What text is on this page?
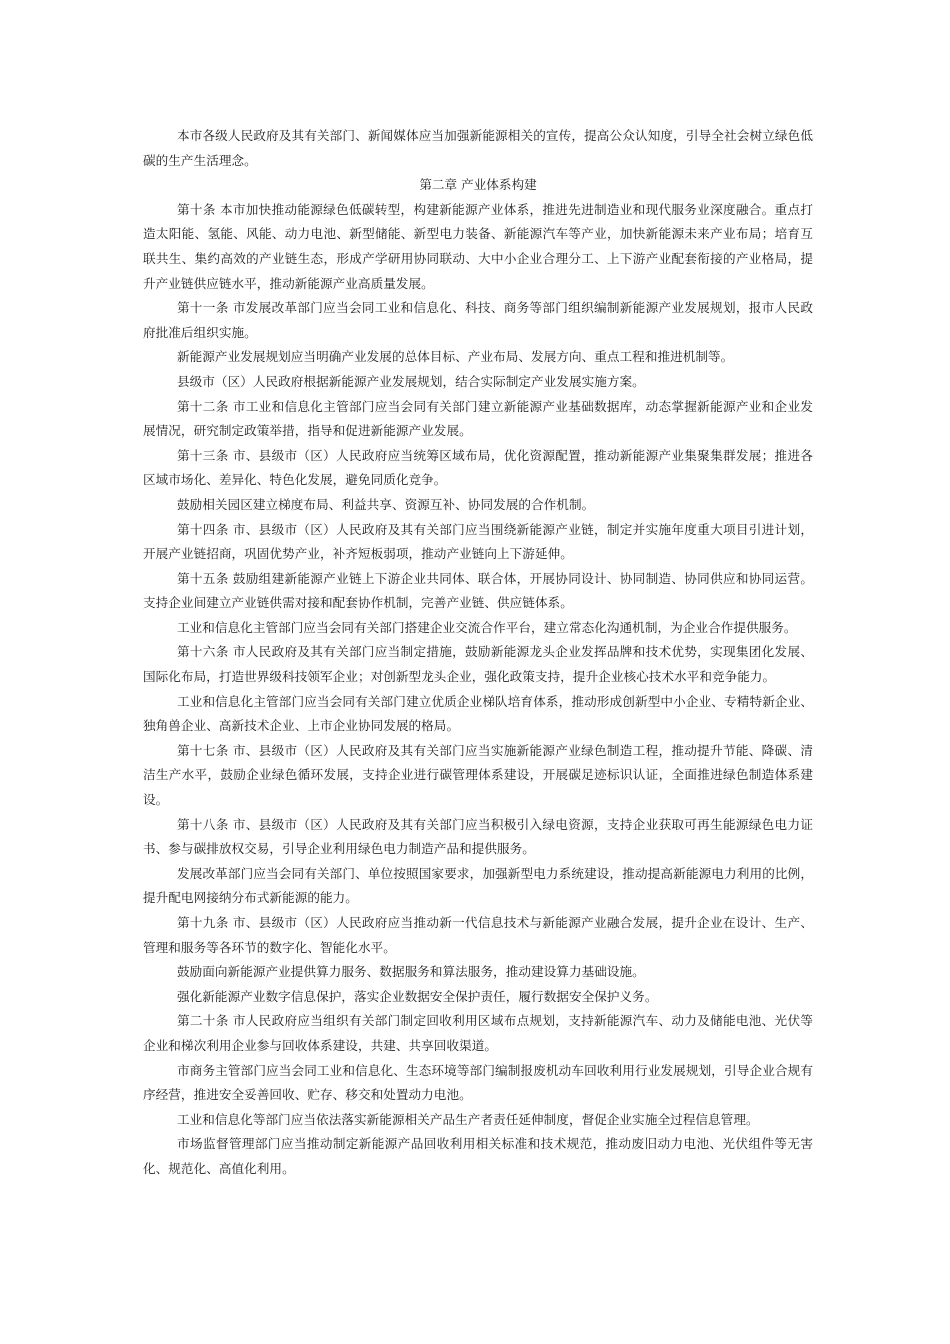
本市各级人民政府及其有关部门、新闻媒体应当加强新能源相关的宣传，提高公众认知度，引导全社会树立绿色低碳的生产生活理念。

第二章 产业体系构建

第十条 本市加快推动能源绿色低碳转型，构建新能源产业体系，推进先进制造业和现代服务业深度融合。重点打造太阳能、氢能、风能、动力电池、新型储能、新型电力装备、新能源汽车等产业，加快新能源未来产业布局；培育互联共生、集约高效的产业链生态，形成产学研用协同联动、大中小企业合理分工、上下游产业配套衔接的产业格局，提升产业链供应链水平，推动新能源产业高质量发展。

第十一条 市发展改革部门应当会同工业和信息化、科技、商务等部门组织编制新能源产业发展规划，报市人民政府批准后组织实施。

新能源产业发展规划应当明确产业发展的总体目标、产业布局、发展方向、重点工程和推进机制等。

县级市（区）人民政府根据新能源产业发展规划，结合实际制定产业发展实施方案。

第十二条 市工业和信息化主管部门应当会同有关部门建立新能源产业基础数据库，动态掌握新能源产业和企业发展情况，研究制定政策举措，指导和促进新能源产业发展。

第十三条 市、县级市（区）人民政府应当统筹区域布局，优化资源配置，推动新能源产业集聚集群发展；推进各区域市场化、差异化、特色化发展，避免同质化竞争。

鼓励相关园区建立梯度布局、利益共享、资源互补、协同发展的合作机制。

第十四条 市、县级市（区）人民政府及其有关部门应当围绕新能源产业链，制定并实施年度重大项目引进计划，开展产业链招商，巩固优势产业，补齐短板弱项，推动产业链向上下游延伸。

第十五条 鼓励组建新能源产业链上下游企业共同体、联合体，开展协同设计、协同制造、协同供应和协同运营。支持企业间建立产业链供需对接和配套协作机制，完善产业链、供应链体系。

工业和信息化主管部门应当会同有关部门搭建企业交流合作平台，建立常态化沟通机制，为企业合作提供服务。

第十六条 市人民政府及其有关部门应当制定措施，鼓励新能源龙头企业发挥品牌和技术优势，实现集团化发展、国际化布局，打造世界级科技领军企业；对创新型龙头企业，强化政策支持，提升企业核心技术水平和竞争能力。

工业和信息化主管部门应当会同有关部门建立优质企业梯队培育体系，推动形成创新型中小企业、专精特新企业、独角兽企业、高新技术企业、上市企业协同发展的格局。

第十七条 市、县级市（区）人民政府及其有关部门应当实施新能源产业绿色制造工程，推动提升节能、降碳、清洁生产水平，鼓励企业绿色循环发展，支持企业进行碳管理体系建设，开展碳足迹标识认证，全面推进绿色制造体系建设。

第十八条 市、县级市（区）人民政府及其有关部门应当积极引入绿电资源，支持企业获取可再生能源绿色电力证书、参与碳排放权交易，引导企业利用绿色电力制造产品和提供服务。

发展改革部门应当会同有关部门、单位按照国家要求，加强新型电力系统建设，推动提高新能源电力利用的比例，提升配电网接纳分布式新能源的能力。

第十九条 市、县级市（区）人民政府应当推动新一代信息技术与新能源产业融合发展，提升企业在设计、生产、管理和服务等各环节的数字化、智能化水平。

鼓励面向新能源产业提供算力服务、数据服务和算法服务，推动建设算力基础设施。

强化新能源产业数字信息保护，落实企业数据安全保护责任，履行数据安全保护义务。

第二十条 市人民政府应当组织有关部门制定回收利用区域布点规划，支持新能源汽车、动力及储能电池、光伏等企业和梯次利用企业参与回收体系建设，共建、共享回收渠道。

市商务主管部门应当会同工业和信息化、生态环境等部门编制报废机动车回收利用行业发展规划，引导企业合规有序经营，推进安全妥善回收、贮存、移交和处置动力电池。

工业和信息化等部门应当依法落实新能源相关产品生产者责任延伸制度，督促企业实施全过程信息管理。

市场监督管理部门应当推动制定新能源产品回收利用相关标准和技术规范，推动废旧动力电池、光伏组件等无害化、规范化、高值化利用。
